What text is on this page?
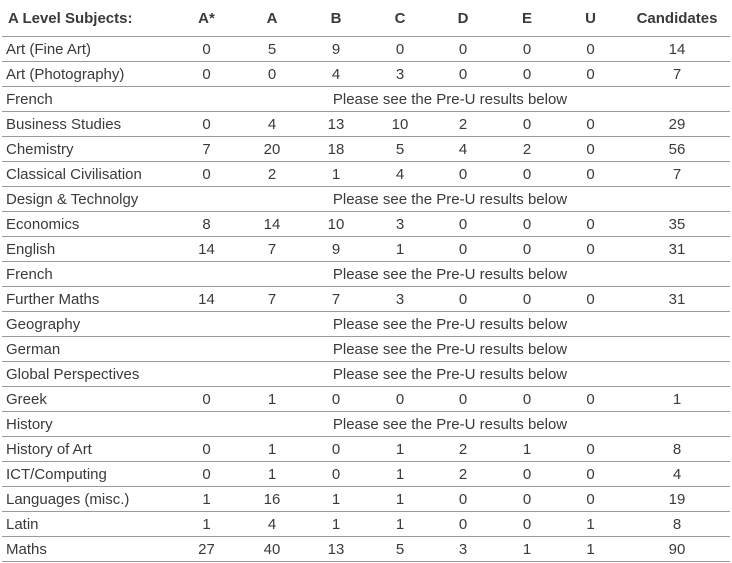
A Level Subjects:	A*	A	B	C	D	E	U	Candidates
Art (Fine Art)	0	5	9	0	0	0	0	14
Art (Photography)	0	0	4	3	0	0	0	7
French	Please see the Pre-U results below							
Business Studies	0	4	13	10	2	0	0	29
Chemistry	7	20	18	5	4	2	0	56
Classical Civilisation	0	2	1	4	0	0	0	7
Design & Technolgy	Please see the Pre-U results below							
Economics	8	14	10	3	0	0	0	35
English	14	7	9	1	0	0	0	31
French	Please see the Pre-U results below							
Further Maths	14	7	7	3	0	0	0	31
Geography	Please see the Pre-U results below							
German	Please see the Pre-U results below							
Global Perspectives	Please see the Pre-U results below							
Greek	0	1	0	0	0	0	0	1
History	Please see the Pre-U results below							
History of Art	0	1	0	1	2	1	0	8
ICT/Computing	0	1	0	1	2	0	0	4
Languages (misc.)	1	16	1	1	0	0	0	19
Latin	1	4	1	1	0	0	1	8
Maths	27	40	13	5	3	1	1	90
